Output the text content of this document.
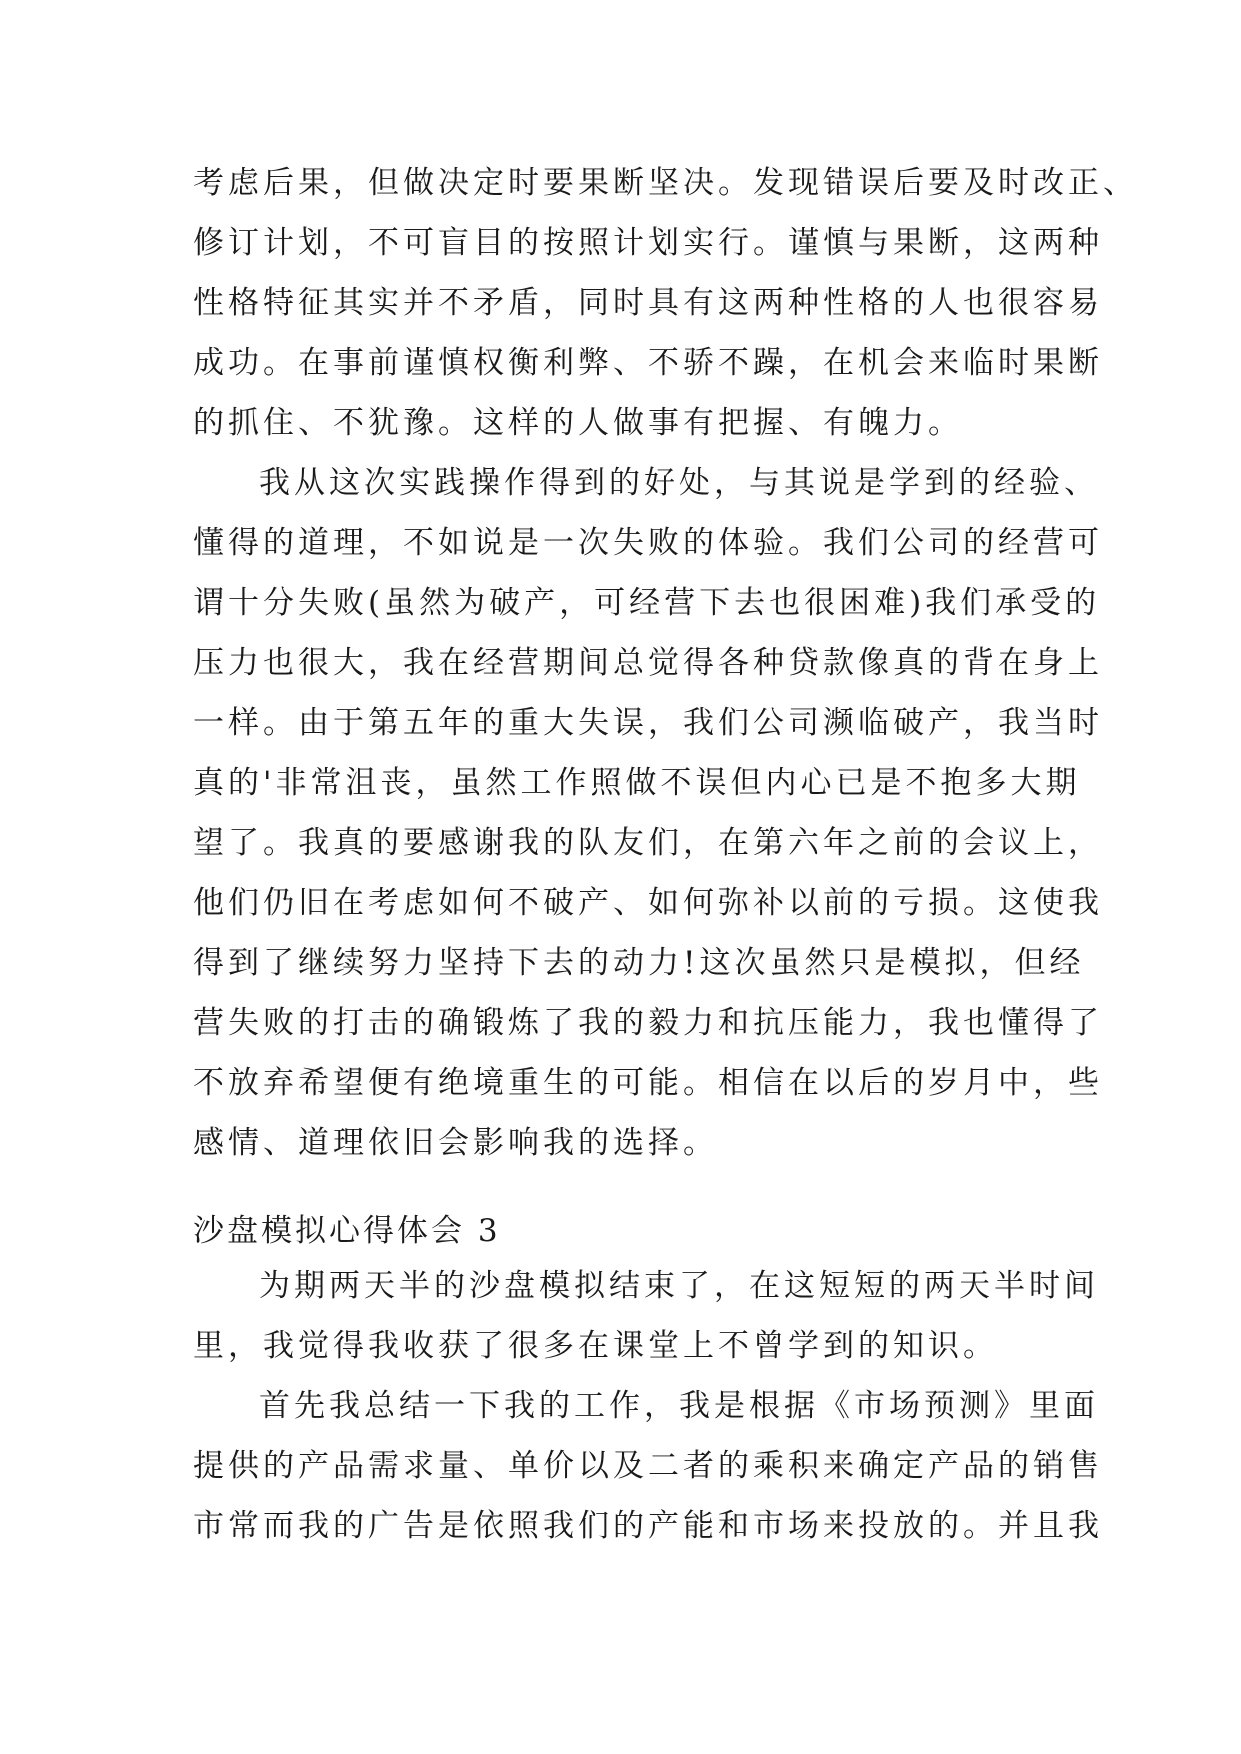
考虑后果，但做决定时要果断坚决。发现错误后要及时改正、
修订计划，不可盲目的按照计划实行。谨慎与果断，这两种
性格特征其实并不矛盾，同时具有这两种性格的人也很容易
成功。在事前谨慎权衡利弊、不骄不躁，在机会来临时果断
的抓住、不犹豫。这样的人做事有把握、有魄力。
我从这次实践操作得到的好处，与其说是学到的经验、
懂得的道理，不如说是一次失败的体验。我们公司的经营可
谓十分失败(虽然为破产，可经营下去也很困难)我们承受的
压力也很大，我在经营期间总觉得各种贷款像真的背在身上
一样。由于第五年的重大失误，我们公司濒临破产，我当时
真的'非常沮丧，虽然工作照做不误但内心已是不抱多大期
望了。我真的要感谢我的队友们，在第六年之前的会议上，
他们仍旧在考虑如何不破产、如何弥补以前的亏损。这使我
得到了继续努力坚持下去的动力!这次虽然只是模拟，但经
营失败的打击的确锻炼了我的毅力和抗压能力，我也懂得了
不放弃希望便有绝境重生的可能。相信在以后的岁月中，些
感情、道理依旧会影响我的选择。
沙盘模拟心得体会 3
为期两天半的沙盘模拟结束了，在这短短的两天半时间
里，我觉得我收获了很多在课堂上不曾学到的知识。
首先我总结一下我的工作，我是根据《市场预测》里面
提供的产品需求量、单价以及二者的乘积来确定产品的销售
市常而我的广告是依照我们的产能和市场来投放的。并且我
